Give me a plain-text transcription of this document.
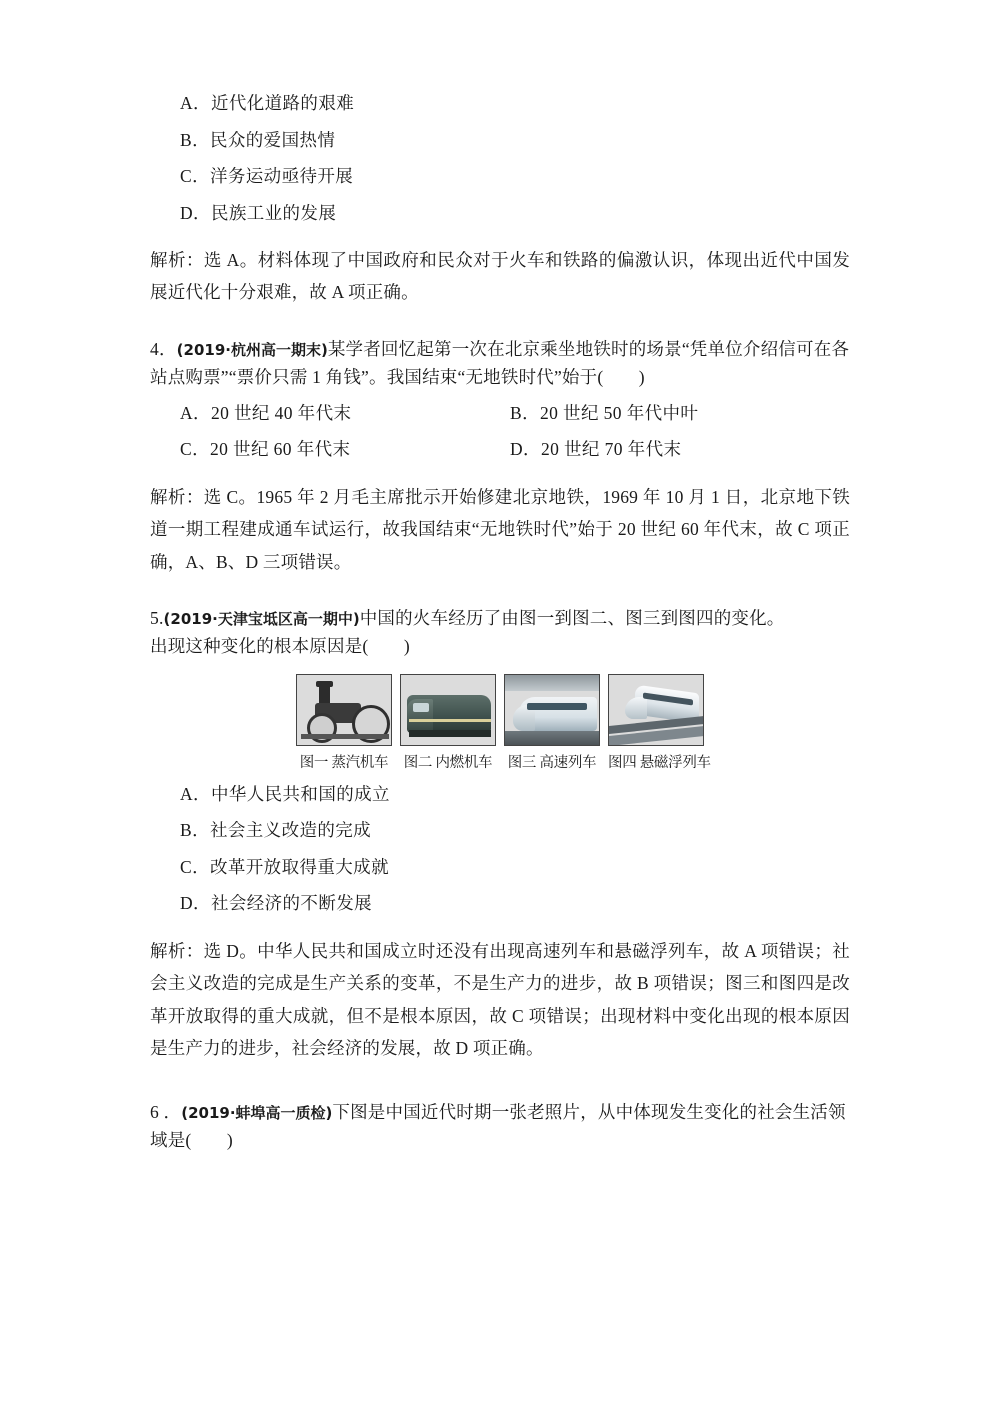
A．近代化道路的艰难

B．民众的爱国热情

C．洋务运动亟待开展

D．民族工业的发展

解析：选 A。材料体现了中国政府和民众对于火车和铁路的偏激认识，体现出近代中国发展近代化十分艰难，故 A 项正确。

4．(2019·杭州高一期末)某学者回忆起第一次在北京乘坐地铁时的场景“凭单位介绍信可在各站点购票”“票价只需 1 角钱”。我国结束“无地铁时代”始于(　　)

A．20 世纪 40 年代末	B．20 世纪 50 年代中叶
C．20 世纪 60 年代末	D．20 世纪 70 年代末

解析：选 C。1965 年 2 月毛主席批示开始修建北京地铁，1969 年 10 月 1 日，北京地下铁道一期工程建成通车试运行，故我国结束“无地铁时代”始于 20 世纪 60 年代末，故 C 项正确，A、B、D 三项错误。

5.(2019·天津宝坻区高一期中)中国的火车经历了由图一到图二、图三到图四的变化。
出现这种变化的根本原因是(　　)

图一 蒸汽机车 图二 内燃机车 图三 高速列车 图四 悬磁浮列车

A．中华人民共和国的成立

B．社会主义改造的完成

C．改革开放取得重大成就

D．社会经济的不断发展

解析：选 D。中华人民共和国成立时还没有出现高速列车和悬磁浮列车，故 A 项错误；社会主义改造的完成是生产关系的变革，不是生产力的进步，故 B 项错误；图三和图四是改革开放取得的重大成就，但不是根本原因，故 C 项错误；出现材料中变化出现的根本原因是生产力的进步，社会经济的发展，故 D 项正确。

6 ．(2019·蚌埠高一质检)下图是中国近代时期一张老照片，从中体现发生变化的社会生活领
域是(　　)
